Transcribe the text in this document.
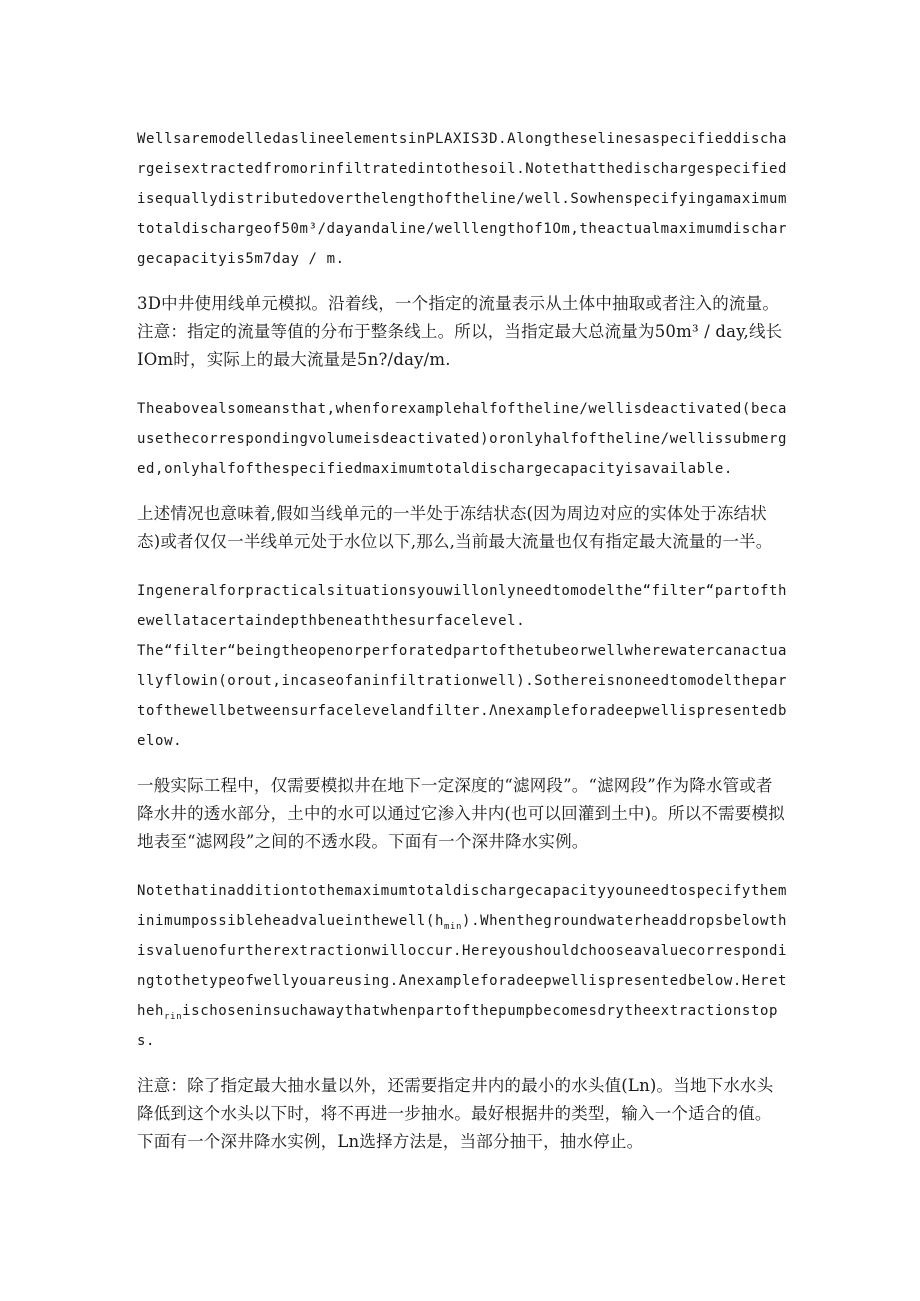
WellsaremodelledaslineelementsinPLAXIS3D.Alongtheselinesaspecifieddischargeisextractedfromorinfiltratedintothesoil.Notethatthedischargespecifiedisequallydistributedoverthelengthoftheline/well.Sowhenspecifyingamaximumtotaldischargeof50m³/dayandaline/welllengthof1Om,theactualmaximumdischargecapacityis5m7day / m.

3D中井使用线单元模拟。沿着线，一个指定的流量表示从土体中抽取或者注入的流量。注意：指定的流量等值的分布于整条线上。所以，当指定最大总流量为50m³ / day,线长IOm时，实际上的最大流量是5n?/day/m.

Theabovealsomeansthat,whenforexamplehalfoftheline/wellisdeactivated(becausethecorrespondingvolumeisdeactivated)oronlyhalfoftheline/wellissubmerged,onlyhalfofthespecifiedmaximumtotaldischargecapacityisavailable.

上述情况也意味着,假如当线单元的一半处于冻结状态(因为周边对应的实体处于冻结状态)或者仅仅一半线单元处于水位以下,那么,当前最大流量也仅有指定最大流量的一半。

Ingeneralforpracticalsituationsyouwillonlyneedtomodelthe“filter“partofthewellatacertaindepthbeneaththesurfacelevel.

The“filter“beingtheopenorperforatedpartofthetubeorwellwherewatercanactuallyflowin(orout,incaseofaninfiltrationwell).Sothereisnoneedtomodelthepartofthewellbetweensurfacelevelandfilter.Λnexampleforadeepwellispresentedbelow.

一般实际工程中，仅需要模拟井在地下一定深度的“滤网段”。“滤网段”作为降水管或者降水井的透水部分，土中的水可以通过它渗入井内(也可以回灌到土中)。所以不需要模拟地表至“滤网段”之间的不透水段。下面有一个深井降水实例。

$Notethatinadditiontothemaximumtotaldischargecapacityyouneedtospecifytheminimumpossibleheadvalueinthewell(h_{min}).Whenthegrou$ndwaterheaddropsbelowthisvaluenofurtherextractionwilloccur.Hereyoushouldchooseavaluecorrespondingtothetypeofwellyouareusing.Anexampleforadeepwellispresentedbelow.Heretheh$_{rin}$ischoseninsuchawaythatwhenpartofthepumpbecomesdrytheextractionstops.

注意：除了指定最大抽水量以外，还需要指定井内的最小的水头值(Ln)。当地下水水头降低到这个水头以下时，将不再进一步抽水。最好根据井的类型，输入一个适合的值。下面有一个深井降水实例，Ln选择方法是，当部分抽干，抽水停止。
